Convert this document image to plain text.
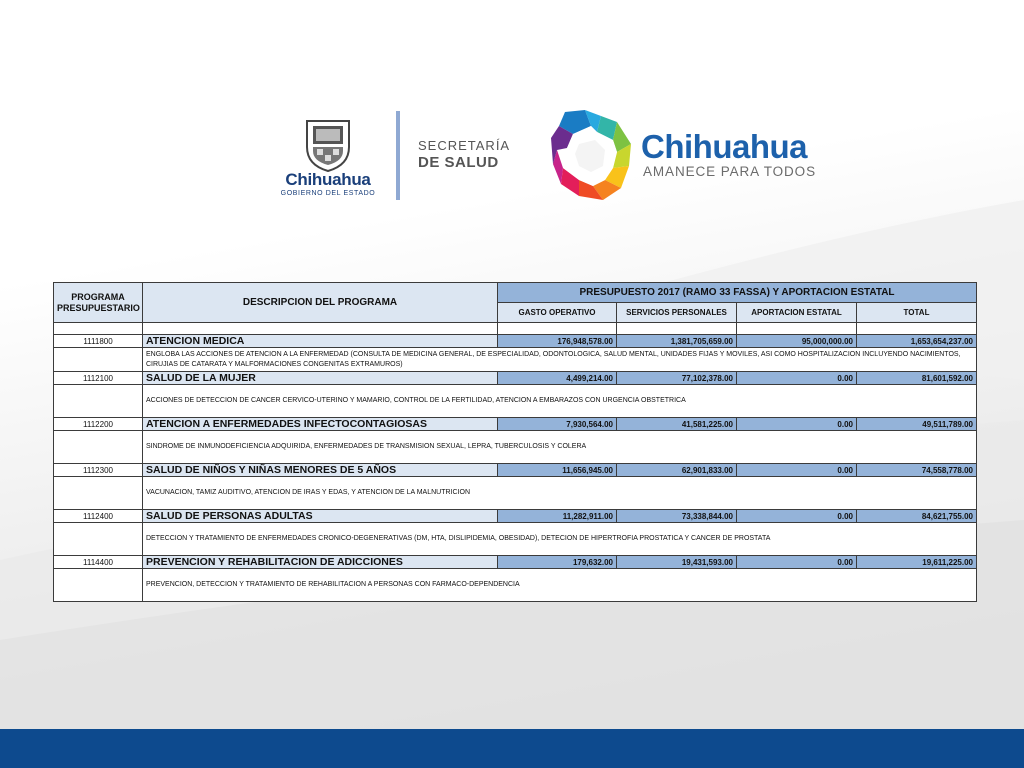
Chihuahua
GOBIERNO DEL ESTADO
SECRETARÍA
DE SALUD	Chihuahua
AMANECE PARA TODOS
PROGRAMA PRESUPUESTARIO	DESCRIPCION DEL PROGRAMA	PRESUPUESTO 2017 (RAMO 33 FASSA) Y APORTACION ESTATAL			
		GASTO OPERATIVO	SERVICIOS PERSONALES	APORTACION ESTATAL	TOTAL

1111800	ATENCION MEDICA	176,948,578.00	1,381,705,659.00	95,000,000.00	1,653,654,237.00
	ENGLOBA LAS ACCIONES DE ATENCION A LA ENFERMEDAD (CONSULTA DE MEDICINA GENERAL, DE ESPECIALIDAD, ODONTOLOGICA, SALUD MENTAL, UNIDADES FIJAS Y MOVILES, ASI COMO HOSPITALIZACION INCLUYENDO NACIMIENTOS, CIRUJIAS DE CATARATA Y MALFORMACIONES CONGENITAS EXTRAMUROS)				
1112100	SALUD DE LA MUJER	4,499,214.00	77,102,378.00	0.00	81,601,592.00
	ACCIONES DE DETECCION DE CANCER CERVICO-UTERINO Y MAMARIO, CONTROL DE LA FERTILIDAD, ATENCION A EMBARAZOS CON URGENCIA OBSTETRICA				
1112200	ATENCION A ENFERMEDADES INFECTOCONTAGIOSAS	7,930,564.00	41,581,225.00	0.00	49,511,789.00
	SINDROME DE INMUNODEFICIENCIA ADQUIRIDA, ENFERMEDADES DE TRANSMISION SEXUAL, LEPRA, TUBERCULOSIS Y COLERA				
1112300	SALUD DE NIÑOS Y NIÑAS MENORES DE 5 AÑOS	11,656,945.00	62,901,833.00	0.00	74,558,778.00
	VACUNACION, TAMIZ AUDITIVO, ATENCION DE IRAS Y EDAS, Y ATENCION DE LA MALNUTRICION				
1112400	SALUD DE PERSONAS ADULTAS	11,282,911.00	73,338,844.00	0.00	84,621,755.00
	DETECCION Y TRATAMIENTO DE ENFERMEDADES CRONICO-DEGENERATIVAS (DM, HTA, DISLIPIDEMIA, OBESIDAD), DETECION DE HIPERTROFIA PROSTATICA Y CANCER DE PROSTATA				
1114400	PREVENCION Y REHABILITACION DE ADICCIONES	179,632.00	19,431,593.00	0.00	19,611,225.00
	PREVENCION, DETECCION Y TRATAMIENTO DE REHABILITACION A PERSONAS CON FARMACO-DEPENDENCIA				
